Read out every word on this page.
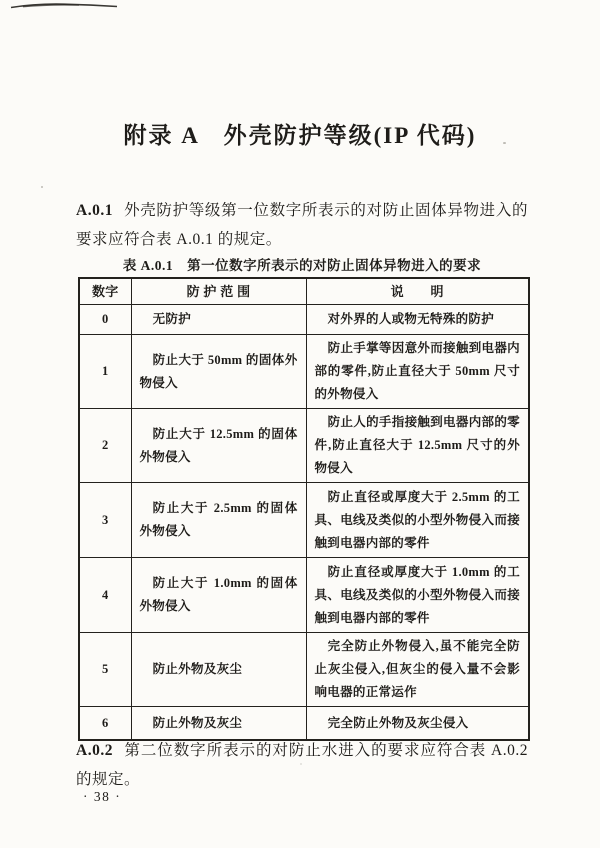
附录 A　外壳防护等级(IP 代码)
A.0.1 外壳防护等级第一位数字所表示的对防止固体异物进入的要求应符合表 A.0.1 的规定。
表 A.0.1　第一位数字所表示的对防止固体异物进入的要求
数字	防 护 范 围	说　　明
0	无防护	对外界的人或物无特殊的防护
1	防止大于 50mm 的固体外物侵入	防止手掌等因意外而接触到电器内部的零件,防止直径大于 50mm 尺寸的外物侵入
2	防止大于 12.5mm 的固体外物侵入	防止人的手指接触到电器内部的零件,防止直径大于 12.5mm 尺寸的外物侵入
3	防止大于 2.5mm 的固体外物侵入	防止直径或厚度大于 2.5mm 的工具、电线及类似的小型外物侵入而接触到电器内部的零件
4	防止大于 1.0mm 的固体外物侵入	防止直径或厚度大于 1.0mm 的工具、电线及类似的小型外物侵入而接触到电器内部的零件
5	防止外物及灰尘	完全防止外物侵入,虽不能完全防止灰尘侵入,但灰尘的侵入量不会影响电器的正常运作
6	防止外物及灰尘	完全防止外物及灰尘侵入
A.0.2 第二位数字所表示的对防止水进入的要求应符合表 A.0.2 的规定。
· 38 ·
